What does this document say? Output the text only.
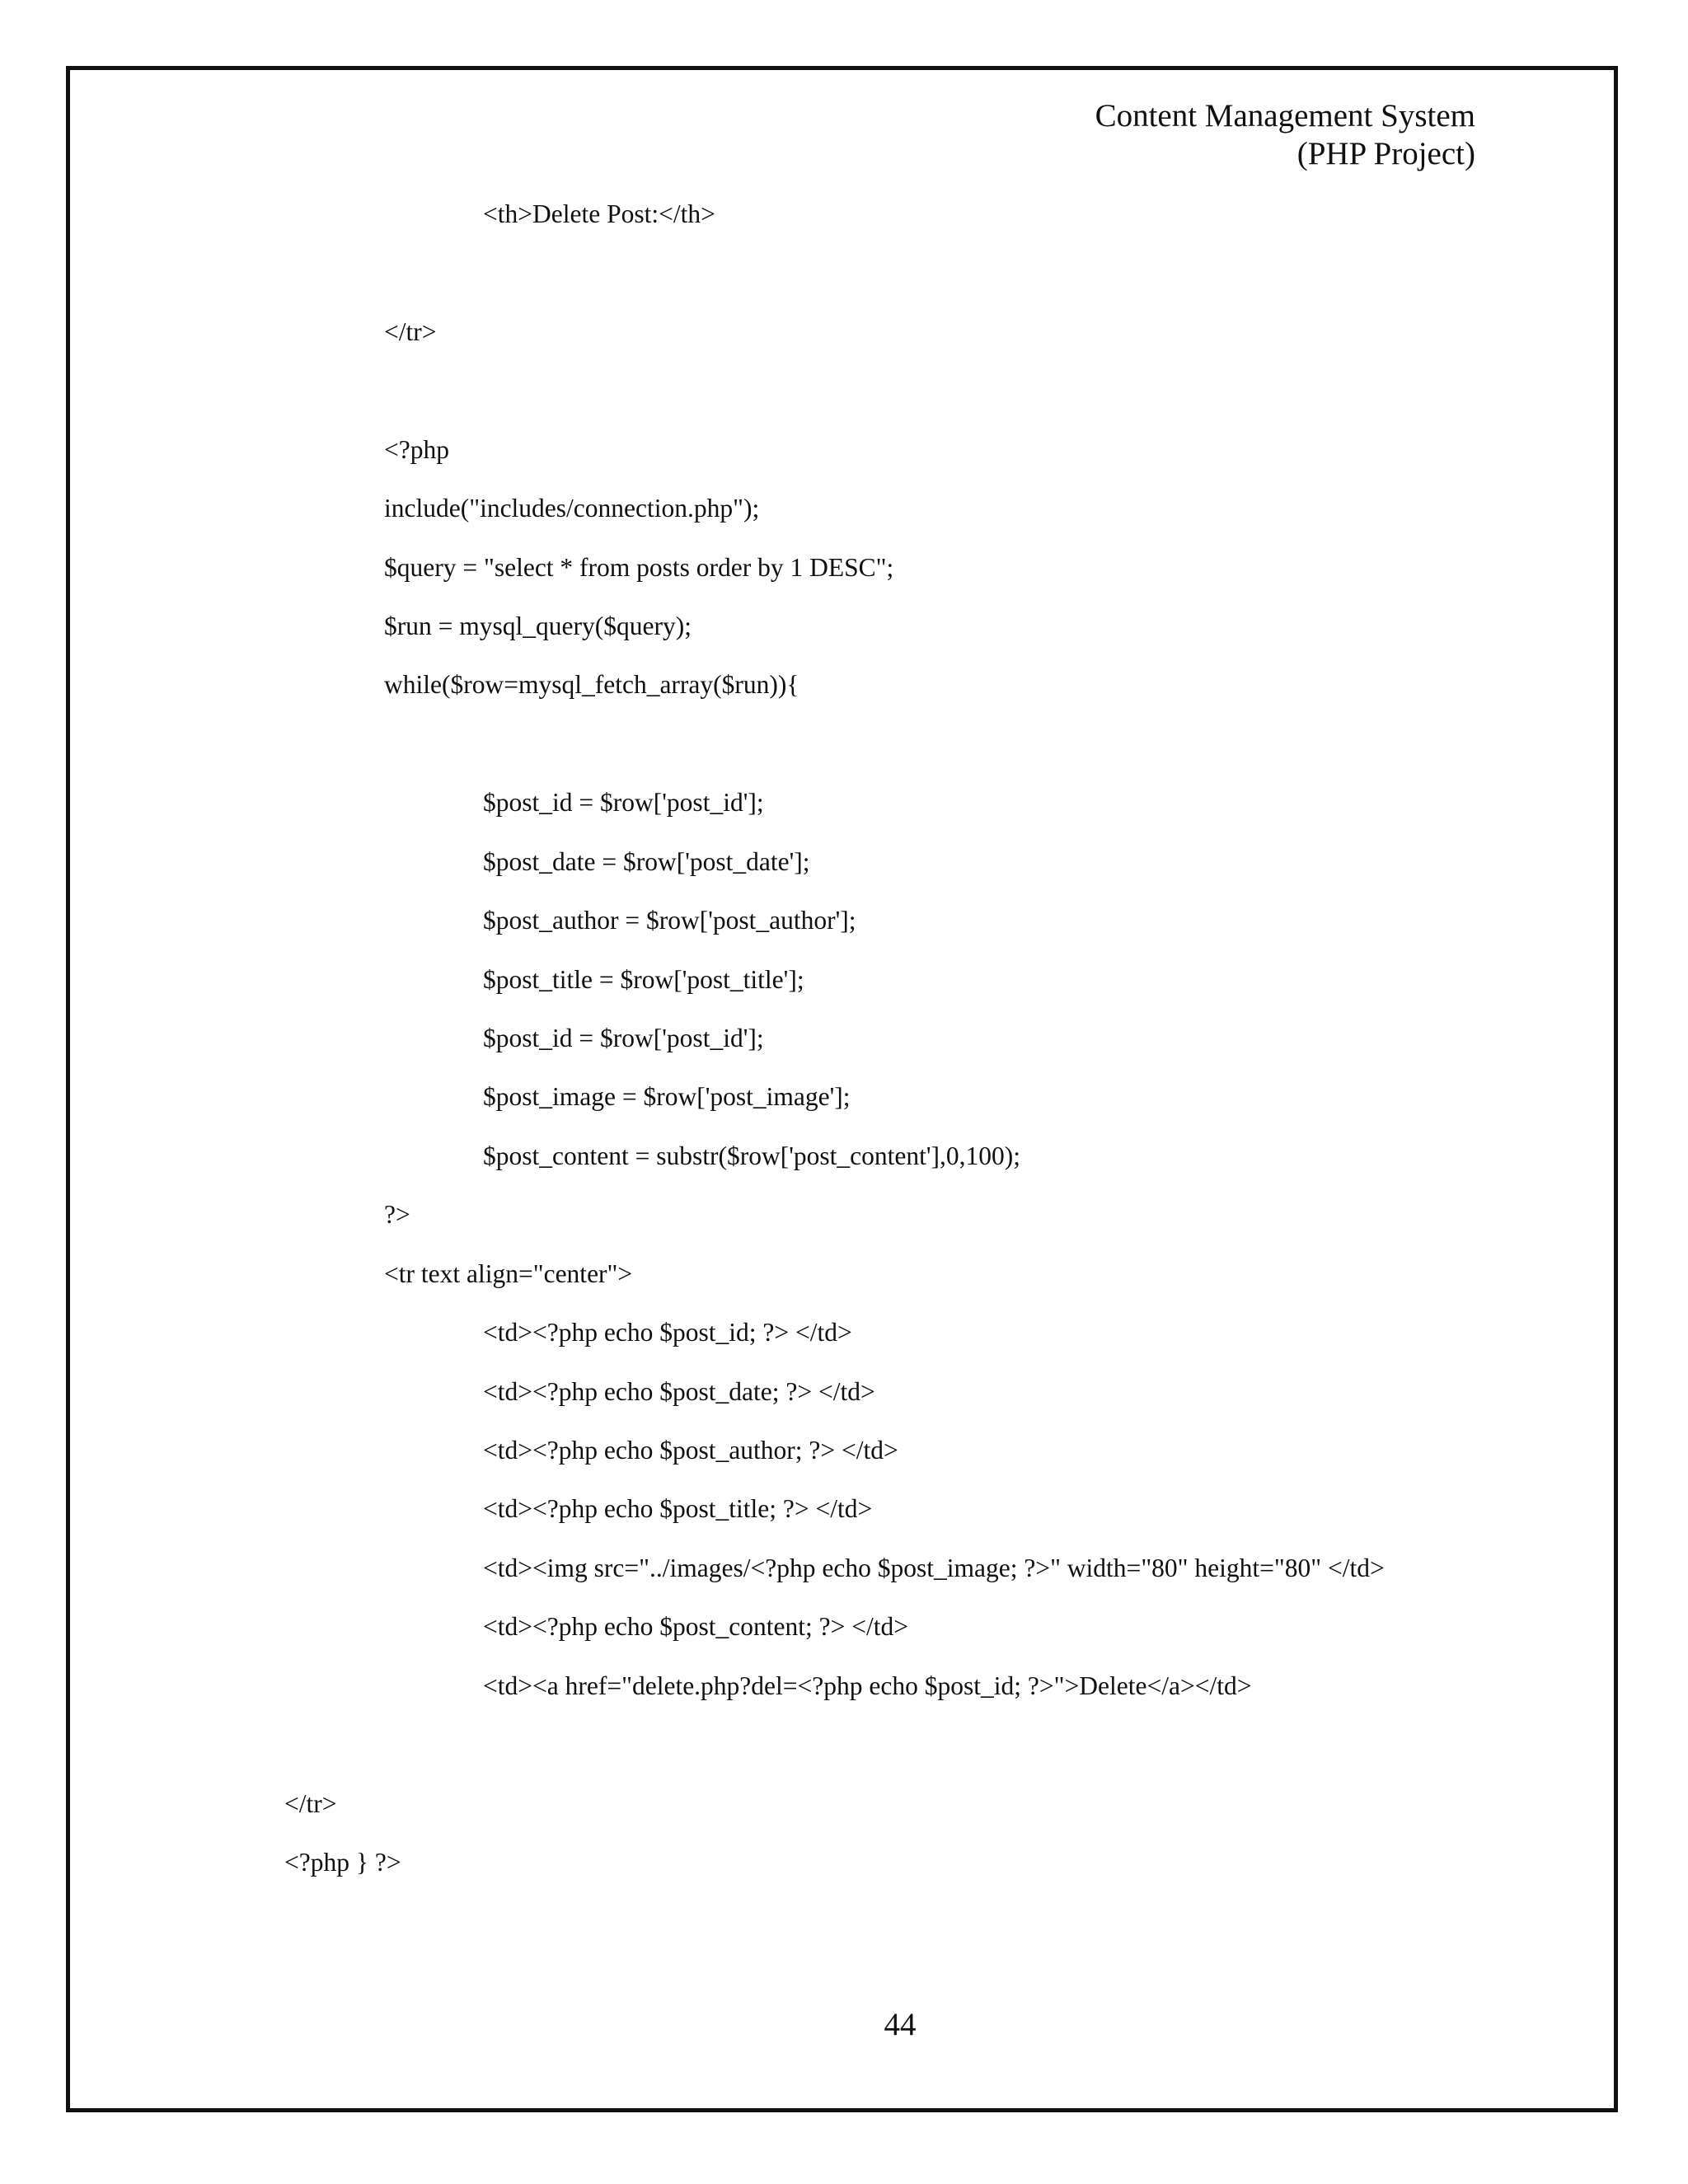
Content Management System
(PHP Project)
<th>Delete Post:</th>
</tr>
<?php
include("includes/connection.php");
$query = "select * from posts order by 1 DESC";
$run = mysql_query($query);
while($row=mysql_fetch_array($run)){
$post_id = $row['post_id'];
$post_date = $row['post_date'];
$post_author = $row['post_author'];
$post_title = $row['post_title'];
$post_id = $row['post_id'];
$post_image = $row['post_image'];
$post_content = substr($row['post_content'],0,100);
?>
<tr text align="center">
<td><?php echo $post_id; ?> </td>
<td><?php echo $post_date; ?> </td>
<td><?php echo $post_author; ?> </td>
<td><?php echo $post_title; ?> </td>
<td><img src="../images/<?php echo $post_image; ?>" width="80" height="80" </td>
<td><?php echo $post_content; ?> </td>
<td><a href="delete.php?del=<?php echo $post_id; ?>">Delete</a></td>
</tr>
<?php } ?>
44
